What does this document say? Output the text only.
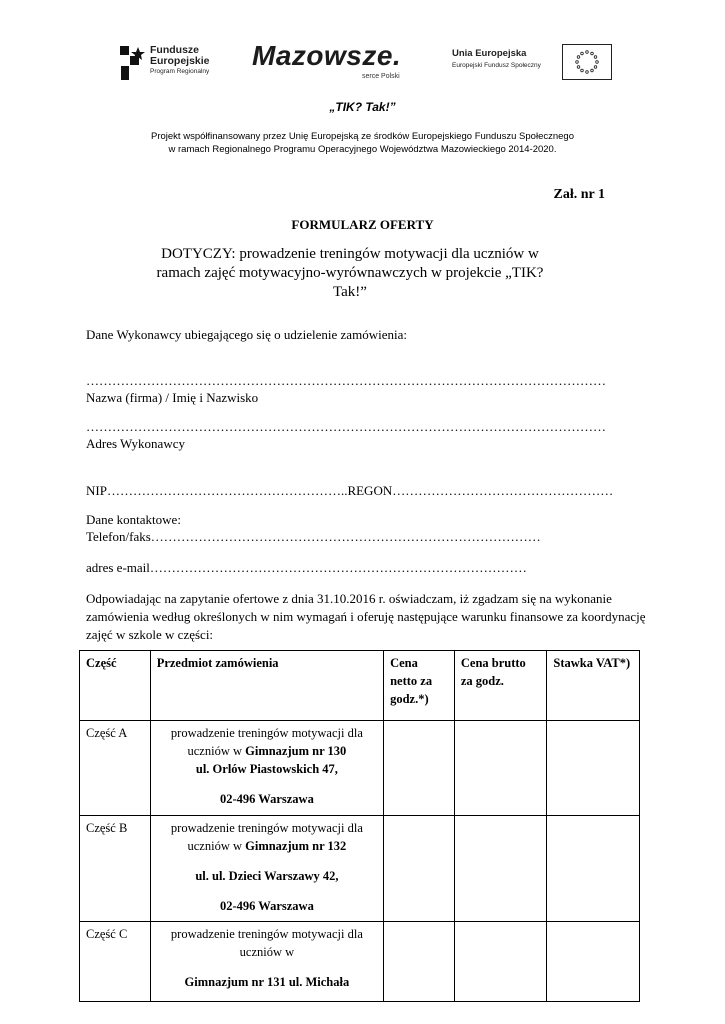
Fundusze
Europejskie
Program Regionalny
Mazowsze.
serce Polski
Unia Europejska
Europejski Fundusz Społeczny
„TIK? Tak!”
Projekt współfinansowany przez Unię Europejską ze środków Europejskiego Funduszu Społecznego
w ramach Regionalnego Programu Operacyjnego Województwa Mazowieckiego 2014-2020.
Zał. nr 1
FORMULARZ OFERTY
DOTYCZY: prowadzenie treningów motywacji dla uczniów w ramach zajęć motywacyjno-wyrównawczych w projekcie „TIK? Tak!”
Dane Wykonawcy ubiegającego się o udzielenie zamówienia:
…………………………………………………………………………………………………………
Nazwa (firma) / Imię i Nazwisko
…………………………………………………………………………………………………………
Adres Wykonawcy
NIP………………………………………………..REGON……………………………………………
Dane kontaktowe:
Telefon/faks………………………………………………………………………………
adres e-mail……………………………………………………………………………
Odpowiadając na zapytanie ofertowe z dnia 31.10.2016 r. oświadczam, iż zgadzam się na wykonanie zamówienia według określonych w nim wymagań i oferuję następujące warunku finansowe za koordynację zajęć w szkole w części:
Część	Przedmiot zamówienia	Cena netto za godz.*)	Cena brutto za godz.	Stawka VAT*)
Część A	prowadzenie treningów motywacji dla uczniów w Gimnazjum nr 130
ul. Orlów Piastowskich 47,
02-496 Warszawa			
Część B	prowadzenie treningów motywacji dla uczniów w Gimnazjum nr 132
ul. ul. Dzieci Warszawy 42,
02-496 Warszawa			
Część C	prowadzenie treningów motywacji dla uczniów w
Gimnazjum nr 131 ul. Michała			
